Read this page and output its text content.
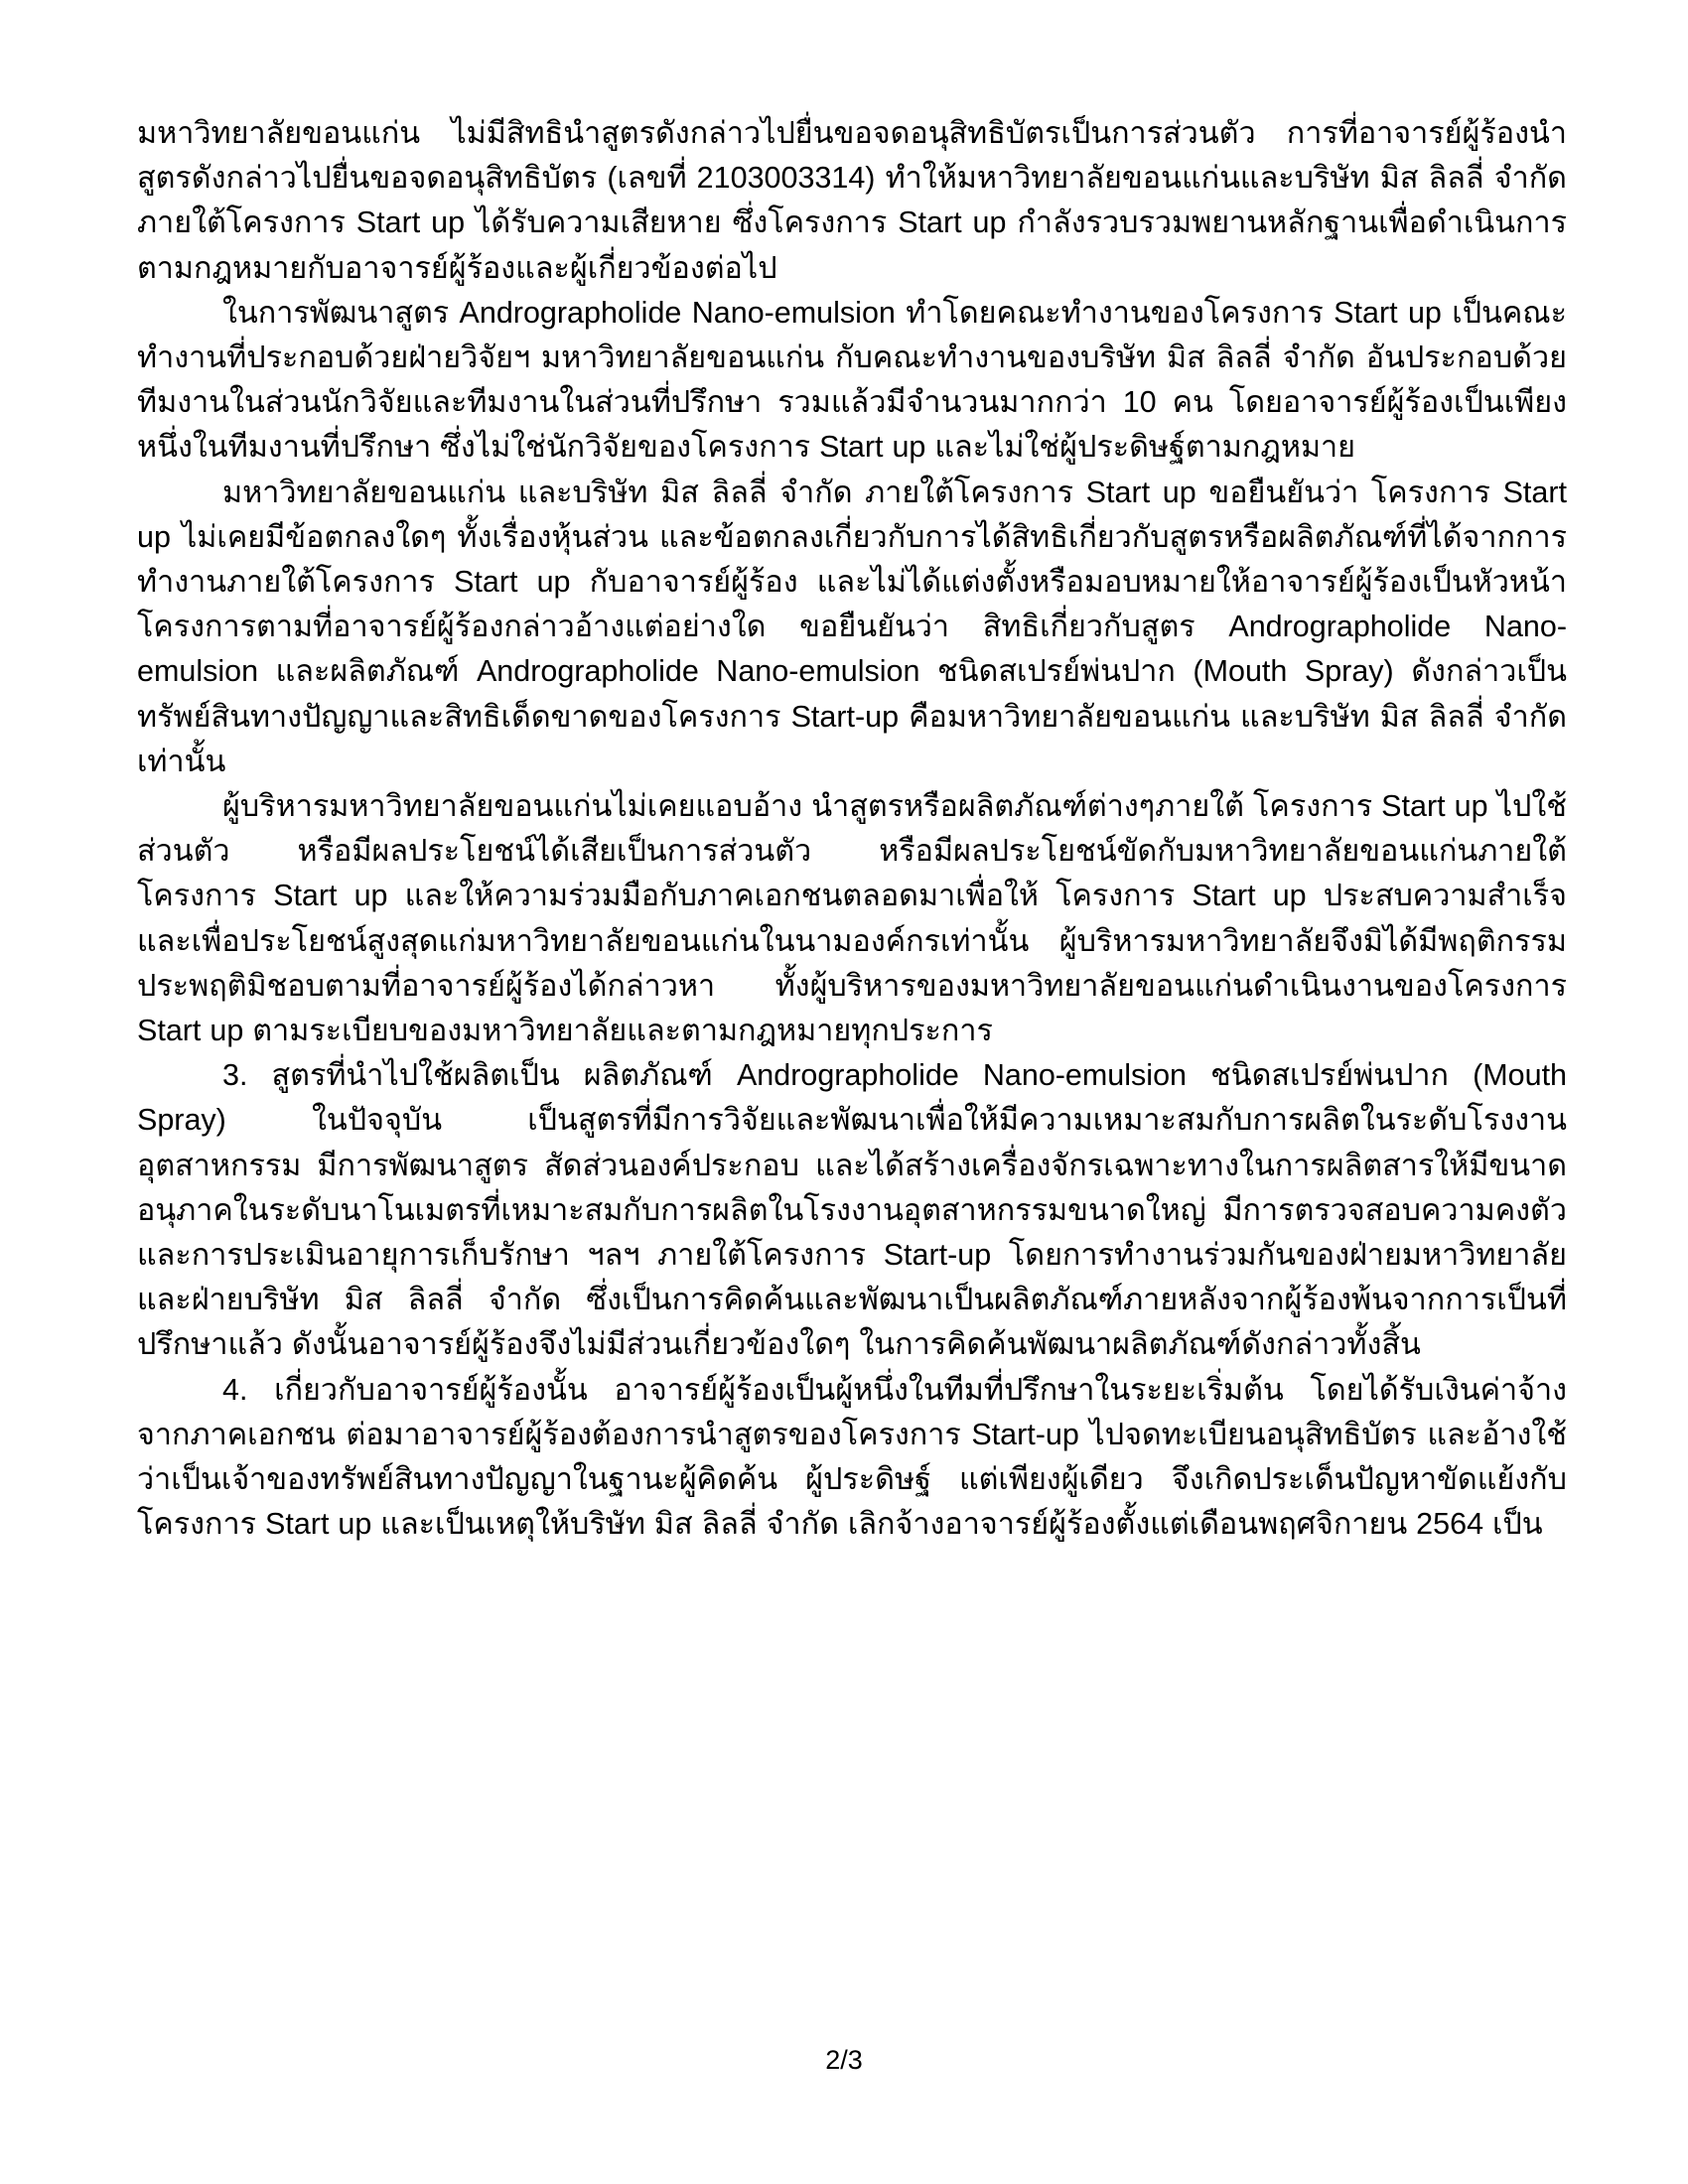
มหาวิทยาลัยขอนแก่น ไม่มีสิทธินำสูตรดังกล่าวไปยื่นขอจดอนุสิทธิบัตรเป็นการส่วนตัว การที่อาจารย์ผู้ร้องนำสูตรดังกล่าวไปยื่นขอจดอนุสิทธิบัตร (เลขที่ 2103003314) ทำให้มหาวิทยาลัยขอนแก่นและบริษัท มิส ลิลลี่ จำกัด ภายใต้โครงการ Start up ได้รับความเสียหาย ซึ่งโครงการ Start up กำลังรวบรวมพยานหลักฐานเพื่อดำเนินการตามกฎหมายกับอาจารย์ผู้ร้องและผู้เกี่ยวข้องต่อไป

ในการพัฒนาสูตร Andrographolide Nano-emulsion ทำโดยคณะทำงานของโครงการ Start up เป็นคณะทำงานที่ประกอบด้วยฝ่ายวิจัยฯ มหาวิทยาลัยขอนแก่น กับคณะทำงานของบริษัท มิส ลิลลี่ จำกัด อันประกอบด้วย ทีมงานในส่วนนักวิจัยและทีมงานในส่วนที่ปรึกษา รวมแล้วมีจำนวนมากกว่า 10 คน โดยอาจารย์ผู้ร้องเป็นเพียงหนึ่งในทีมงานที่ปรึกษา ซึ่งไม่ใช่นักวิจัยของโครงการ Start up และไม่ใช่ผู้ประดิษฐ์ตามกฎหมาย

มหาวิทยาลัยขอนแก่น และบริษัท มิส ลิลลี่ จำกัด ภายใต้โครงการ Start up ขอยืนยันว่า โครงการ Start up ไม่เคยมีข้อตกลงใดๆ ทั้งเรื่องหุ้นส่วน และข้อตกลงเกี่ยวกับการได้สิทธิเกี่ยวกับสูตรหรือผลิตภัณฑ์ที่ได้จากการทำงานภายใต้โครงการ Start up กับอาจารย์ผู้ร้อง และไม่ได้แต่งตั้งหรือมอบหมายให้อาจารย์ผู้ร้องเป็นหัวหน้าโครงการตามที่อาจารย์ผู้ร้องกล่าวอ้างแต่อย่างใด ขอยืนยันว่า สิทธิเกี่ยวกับสูตร Andrographolide Nano-emulsion และผลิตภัณฑ์ Andrographolide Nano-emulsion ชนิดสเปรย์พ่นปาก (Mouth Spray) ดังกล่าวเป็นทรัพย์สินทางปัญญาและสิทธิเด็ดขาดของโครงการ Start-up คือมหาวิทยาลัยขอนแก่น และบริษัท มิส ลิลลี่ จำกัดเท่านั้น

ผู้บริหารมหาวิทยาลัยขอนแก่นไม่เคยแอบอ้าง นำสูตรหรือผลิตภัณฑ์ต่างๆภายใต้ โครงการ Start up ไปใช้ส่วนตัว หรือมีผลประโยชน์ได้เสียเป็นการส่วนตัว หรือมีผลประโยชน์ขัดกับมหาวิทยาลัยขอนแก่นภายใต้โครงการ Start up และให้ความร่วมมือกับภาคเอกชนตลอดมาเพื่อให้ โครงการ Start up ประสบความสำเร็จ และเพื่อประโยชน์สูงสุดแก่มหาวิทยาลัยขอนแก่นในนามองค์กรเท่านั้น ผู้บริหารมหาวิทยาลัยจึงมิได้มีพฤติกรรมประพฤติมิชอบตามที่อาจารย์ผู้ร้องได้กล่าวหา ทั้งผู้บริหารของมหาวิทยาลัยขอนแก่นดำเนินงานของโครงการ Start up ตามระเบียบของมหาวิทยาลัยและตามกฎหมายทุกประการ

3. สูตรที่นำไปใช้ผลิตเป็น ผลิตภัณฑ์ Andrographolide Nano-emulsion ชนิดสเปรย์พ่นปาก (Mouth Spray) ในปัจจุบัน เป็นสูตรที่มีการวิจัยและพัฒนาเพื่อให้มีความเหมาะสมกับการผลิตในระดับโรงงานอุตสาหกรรม มีการพัฒนาสูตร สัดส่วนองค์ประกอบ และได้สร้างเครื่องจักรเฉพาะทางในการผลิตสารให้มีขนาดอนุภาคในระดับนาโนเมตรที่เหมาะสมกับการผลิตในโรงงานอุตสาหกรรมขนาดใหญ่ มีการตรวจสอบความคงตัวและการประเมินอายุการเก็บรักษา ฯลฯ ภายใต้โครงการ Start-up โดยการทำงานร่วมกันของฝ่ายมหาวิทยาลัยและฝ่ายบริษัท มิส ลิลลี่ จำกัด ซึ่งเป็นการคิดค้นและพัฒนาเป็นผลิตภัณฑ์ภายหลังจากผู้ร้องพ้นจากการเป็นที่ปรึกษาแล้ว ดังนั้นอาจารย์ผู้ร้องจึงไม่มีส่วนเกี่ยวข้องใดๆ ในการคิดค้นพัฒนาผลิตภัณฑ์ดังกล่าวทั้งสิ้น

4. เกี่ยวกับอาจารย์ผู้ร้องนั้น อาจารย์ผู้ร้องเป็นผู้หนึ่งในทีมที่ปรึกษาในระยะเริ่มต้น โดยได้รับเงินค่าจ้างจากภาคเอกชน ต่อมาอาจารย์ผู้ร้องต้องการนำสูตรของโครงการ Start-up ไปจดทะเบียนอนุสิทธิบัตร และอ้างใช้ว่าเป็นเจ้าของทรัพย์สินทางปัญญาในฐานะผู้คิดค้น ผู้ประดิษฐ์ แต่เพียงผู้เดียว จึงเกิดประเด็นปัญหาขัดแย้งกับโครงการ Start up และเป็นเหตุให้บริษัท มิส ลิลลี่ จำกัด เลิกจ้างอาจารย์ผู้ร้องตั้งแต่เดือนพฤศจิกายน 2564 เป็น

2/3
